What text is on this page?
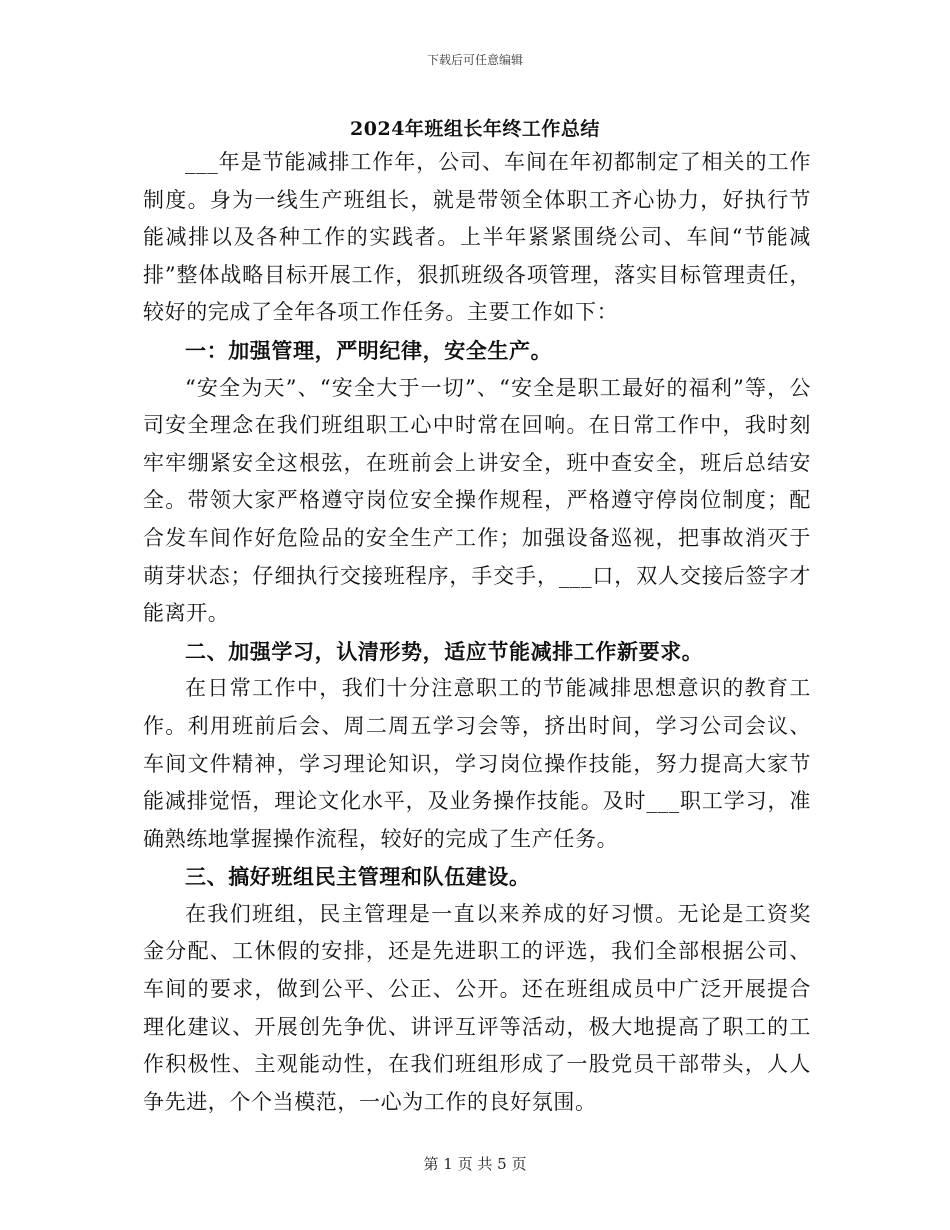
下载后可任意编辑
2024年班组长年终工作总结

___年是节能减排工作年，公司、车间在年初都制定了相关的工作制度。身为一线生产班组长，就是带领全体职工齐心协力，好执行节能减排以及各种工作的实践者。上半年紧紧围绕公司、车间“节能减排”整体战略目标开展工作，狠抓班级各项管理，落实目标管理责任，较好的完成了全年各项工作任务。主要工作如下：

一：加强管理，严明纪律，安全生产。

“安全为天”、“安全大于一切”、“安全是职工最好的福利”等，公司安全理念在我们班组职工心中时常在回响。在日常工作中，我时刻牢牢绷紧安全这根弦，在班前会上讲安全，班中查安全，班后总结安全。带领大家严格遵守岗位安全操作规程，严格遵守停岗位制度；配合发车间作好危险品的安全生产工作；加强设备巡视，把事故消灭于萌芽状态；仔细执行交接班程序，手交手，___口，双人交接后签字才能离开。

二、加强学习，认清形势，适应节能减排工作新要求。

在日常工作中，我们十分注意职工的节能减排思想意识的教育工作。利用班前后会、周二周五学习会等，挤出时间，学习公司会议、车间文件精神，学习理论知识，学习岗位操作技能，努力提高大家节能减排觉悟，理论文化水平，及业务操作技能。及时___职工学习，准确熟练地掌握操作流程，较好的完成了生产任务。

三、搞好班组民主管理和队伍建设。

在我们班组，民主管理是一直以来养成的好习惯。无论是工资奖金分配、工休假的安排，还是先进职工的评选，我们全部根据公司、车间的要求，做到公平、公正、公开。还在班组成员中广泛开展提合理化建议、开展创先争优、讲评互评等活动，极大地提高了职工的工作积极性、主观能动性，在我们班组形成了一股党员干部带头，人人争先进，个个当模范，一心为工作的良好氛围。

第 1 页 共 5 页
